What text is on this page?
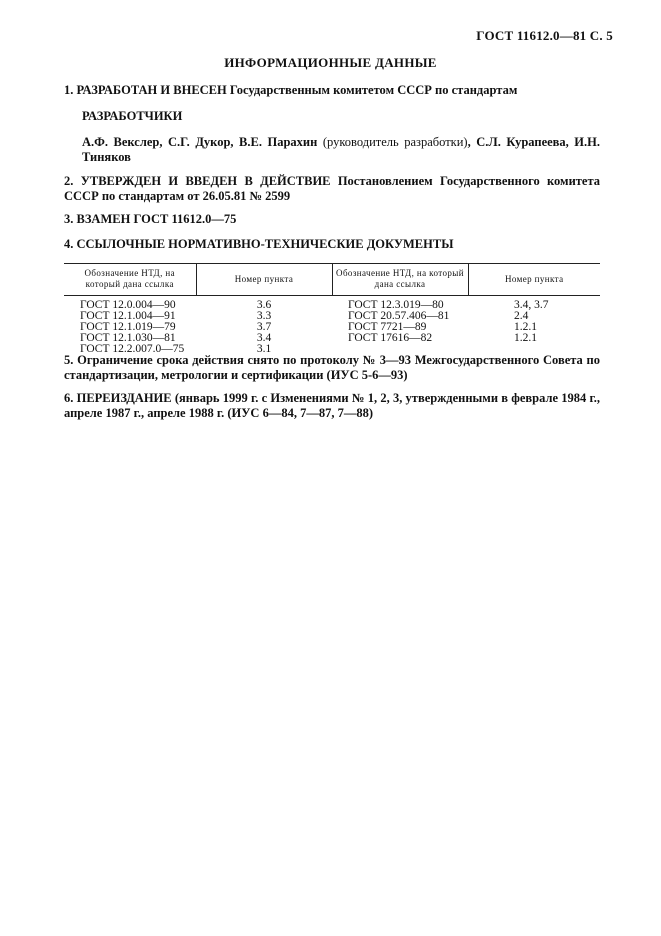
ГОСТ 11612.0—81 С. 5
ИНФОРМАЦИОННЫЕ ДАННЫЕ
1. РАЗРАБОТАН И ВНЕСЕН Государственным комитетом СССР по стандартам
РАЗРАБОТЧИКИ
А.Ф. Векслер, С.Г. Дукор, В.Е. Парахин (руководитель разработки), С.Л. Курапеева, И.Н. Тиняков
2. УТВЕРЖДЕН И ВВЕДЕН В ДЕЙСТВИЕ Постановлением Государственного комитета СССР по стандартам от 26.05.81 № 2599
3. ВЗАМЕН ГОСТ 11612.0—75
4. ССЫЛОЧНЫЕ НОРМАТИВНО-ТЕХНИЧЕСКИЕ ДОКУМЕНТЫ
Обозначение НТД, на который дана ссылка	Номер пункта	Обозначение НТД, на который дана ссылка	Номер пункта
ГОСТ 12.0.004—90	3.6	ГОСТ 12.3.019—80	3.4, 3.7
ГОСТ 12.1.004—91	3.3	ГОСТ 20.57.406—81	2.4
ГОСТ 12.1.019—79	3.7	ГОСТ 7721—89	1.2.1
ГОСТ 12.1.030—81	3.4	ГОСТ 17616—82	1.2.1
ГОСТ 12.2.007.0—75	3.1		
5. Ограничение срока действия снято по протоколу № 3—93 Межгосударственного Совета по стандартизации, метрологии и сертификации (ИУС 5-6—93)
6. ПЕРЕИЗДАНИЕ (январь 1999 г. с Изменениями № 1, 2, 3, утвержденными в феврале 1984 г., апреле 1987 г., апреле 1988 г. (ИУС 6—84, 7—87, 7—88)
